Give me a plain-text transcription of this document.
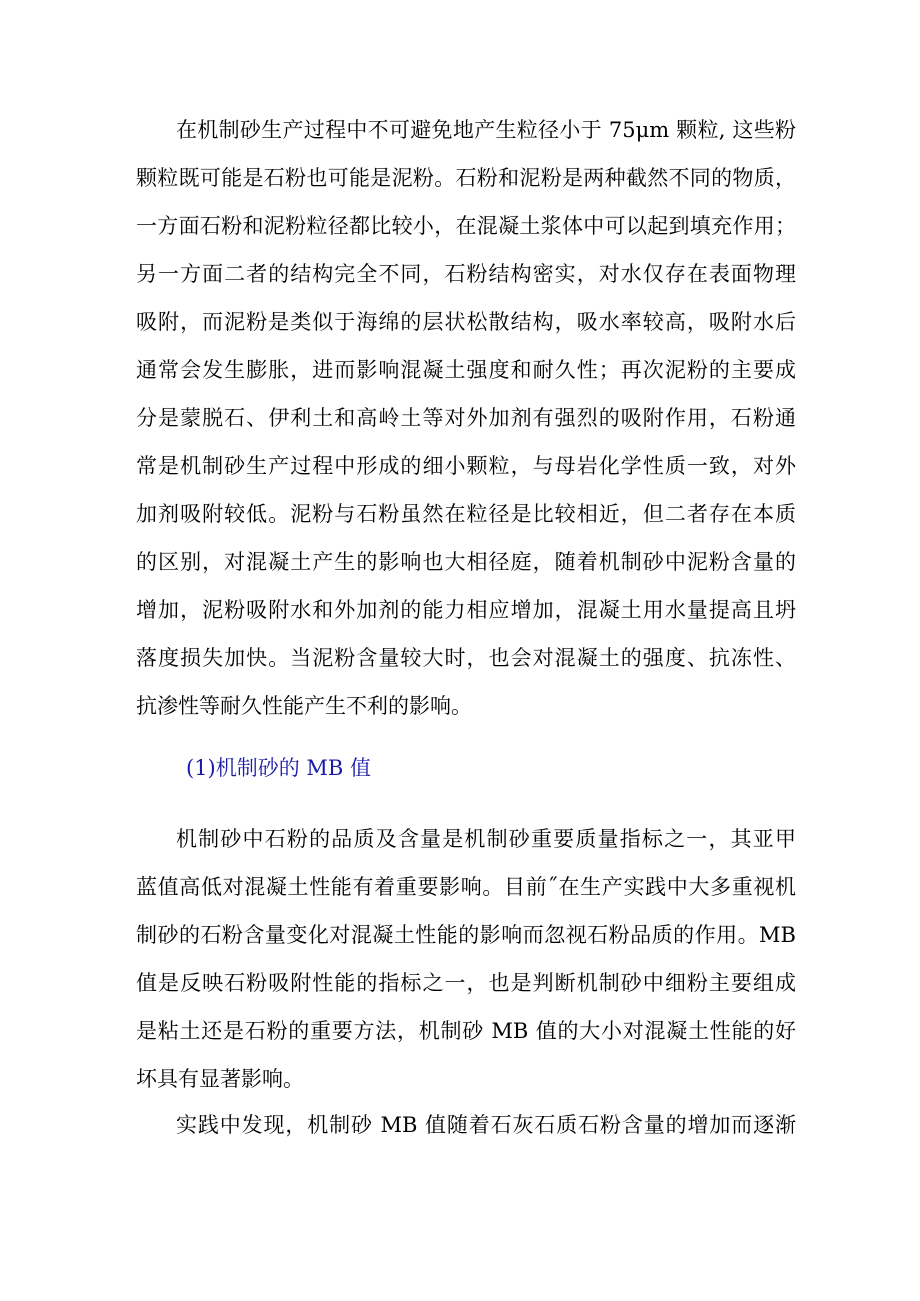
在机制砂生产过程中不可避免地产生粒径小于 75μm 颗粒, 这些粉
颗粒既可能是石粉也可能是泥粉。石粉和泥粉是两种截然不同的物质，
一方面石粉和泥粉粒径都比较小，在混凝土浆体中可以起到填充作用；
另一方面二者的结构完全不同，石粉结构密实，对水仅存在表面物理
吸附，而泥粉是类似于海绵的层状松散结构，吸水率较高，吸附水后
通常会发生膨胀，进而影响混凝土强度和耐久性；再次泥粉的主要成
分是蒙脱石、伊利土和高岭土等对外加剂有强烈的吸附作用，石粉通
常是机制砂生产过程中形成的细小颗粒，与母岩化学性质一致，对外
加剂吸附较低。泥粉与石粉虽然在粒径是比较相近，但二者存在本质
的区别，对混凝土产生的影响也大相径庭，随着机制砂中泥粉含量的
增加，泥粉吸附水和外加剂的能力相应增加，混凝土用水量提高且坍
落度损失加快。当泥粉含量较大时，也会对混凝土的强度、抗冻性、
抗渗性等耐久性能产生不利的影响。
(1)机制砂的 MB 值
机制砂中石粉的品质及含量是机制砂重要质量指标之一，其亚甲
蓝值高低对混凝土性能有着重要影响。目前˝在生产实践中大多重视机
制砂的石粉含量变化对混凝土性能的影响而忽视石粉品质的作用。MB
值是反映石粉吸附性能的指标之一，也是判断机制砂中细粉主要组成
是粘土还是石粉的重要方法，机制砂 MB 值的大小对混凝土性能的好
坏具有显著影响。
实践中发现，机制砂 MB 值随着石灰石质石粉含量的增加而逐渐
